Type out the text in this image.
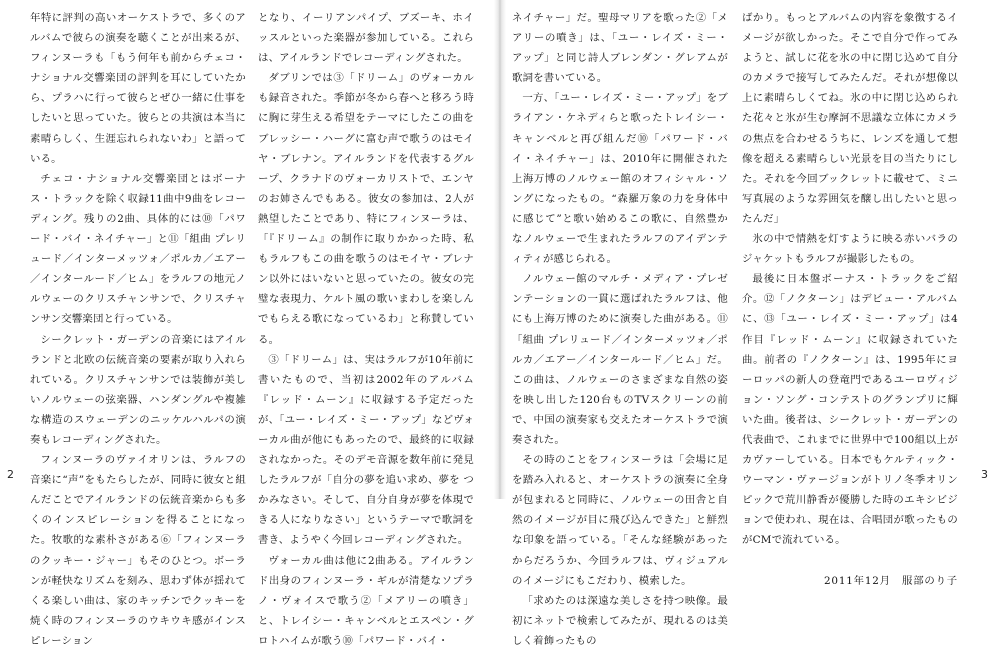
年特に評判の高いオーケストラで、多くのアルバムで彼らの演奏を聴くことが出来るが、フィンヌーラも「もう何年も前からチェコ・ナショナル交響楽団の評判を耳にしていたから、プラハに行って彼らとぜひ一緒に仕事をしたいと思っていた。彼らとの共演は本当に素晴らしく、生涯忘れられないわ」と語っている。

チェコ・ナショナル交響楽団とはボーナス・トラックを除く収録11曲中9曲をレコーディング。残りの2曲、具体的には⑩「パワード・バイ・ネイチャー」と⑪「組曲 プレリュード／インターメッツォ／ポルカ／エアー／インタールード／ヒム」をラルフの地元ノルウェーのクリスチャンサンで、クリスチャンサン交響楽団と行っている。

シークレット・ガーデンの音楽にはアイルランドと北欧の伝統音楽の要素が取り入れられている。クリスチャンサンでは装飾が美しいノルウェーの弦楽器、ハンダングルや複雑な構造のスウェーデンのニッケルハルパの演奏もレコーディングされた。

フィンヌーラのヴァイオリンは、ラルフの音楽に“声”をもたらしたが、同時に彼女と組んだことでアイルランドの伝統音楽からも多くのインスピレーションを得ることになった。牧歌的な素朴さがある⑥「フィンヌーラのクッキー・ジャー」もそのひとつ。ボーランが軽快なリズムを刻み、思わず体が揺れてくる楽しい曲は、家のキッチンでクッキーを焼く時のフィンヌーラのウキウキ感がインスピレーション

となり、イーリアンパイプ、ブズーキ、ホイッスルといった楽器が参加している。これらは、アイルランドでレコーディングされた。

ダブリンでは③「ドリーム」のヴォーカルも録音された。季節が冬から春へと移ろう時に胸に芽生える希望をテーマにしたこの曲をブレッシー・ハーグに富む声で歌うのはモイヤ・ブレナン。アイルランドを代表するグループ、クラナドのヴォーカリストで、エンヤのお姉さんでもある。彼女の参加は、2人が熱望したことであり、特にフィンヌーラは、「『ドリーム』の制作に取りかかった時、私もラルフもこの曲を歌うのはモイヤ・ブレナン以外にはいないと思っていたの。彼女の完璧な表現力、ケルト風の歌いまわしを楽しんでもらえる歌になっているわ」と称賛している。

③「ドリーム」は、実はラルフが10年前に書いたもので、当初は2002年のアルバム『レッド・ムーン』に収録する予定だったが、「ユー・レイズ・ミー・アップ」などヴォーカル曲が他にもあったので、最終的に収録されなかった。そのデモ音源を数年前に発見したラルフが「自分の夢を追い求め、夢を つかみなさい。そして、自分自身が夢を体現できる人になりなさい」というテーマで歌詞を書き、ようやく今回レコーディングされた。

ヴォーカル曲は他に2曲ある。アイルランド出身のフィンヌーラ・ギルが清楚なソプラノ・ヴォイスで歌う②「メアリーの噴き」と、トレイシー・キャンベルとエスペン・グロトハイムが歌う⑩「パワード・バイ・

2

ネイチャー」だ。聖母マリアを歌った②「メアリーの噴き」は、「ユー・レイズ・ミー・アップ」と同じ詩人ブレンダン・グレアムが歌詞を書いている。

一方、「ユー・レイズ・ミー・アップ」をブライアン・ケネディらと歌ったトレイシー・キャンベルと再び組んだ⑩「パワード・バイ・ネイチャー」は、2010年に開催された上海万博のノルウェー館のオフィシャル・ソングになったもの。“森羅万象の力を身体中に感じて”と歌い始めるこの歌に、自然豊かなノルウェーで生まれたラルフのアイデンティティが感じられる。

ノルウェー館のマルチ・メディア・プレゼンテーションの一貫に選ばれたラルフは、他にも上海万博のために演奏した曲がある。⑪「組曲 プレリュード／インターメッツォ／ポルカ／エアー／インタールード／ヒム」だ。この曲は、ノルウェーのさまざまな自然の姿を映し出した120台ものTVスクリーンの前で、中国の演奏家も交えたオーケストラで演奏された。

その時のことをフィンヌーラは「会場に足を踏み入れると、オーケストラの演奏に全身が包まれると同時に、ノルウェーの田舎と自然のイメージが目に飛び込んできた」と鮮烈な印象を語っている。「そんな経験があったからだろうか、今回ラルフは、ヴィジュアルのイメージにもこだわり、模索した。

「求めたのは深遠な美しさを持つ映像。最初にネットで検索してみたが、現れるのは美しく着飾ったもの

ばかり。もっとアルバムの内容を象徴するイメージが欲しかった。そこで自分で作ってみようと、試しに花を氷の中に閉じ込めて自分のカメラで接写してみたんだ。それが想像以上に素晴らしくてね。氷の中に閉じ込められた花々と氷が生む摩訶不思議な立体にカメラの焦点を合わせるうちに、レンズを通して想像を超える素晴らしい光景を目の当たりにした。それを今回ブックレットに載せて、ミニ写真展のような雰囲気を醸し出したいと思ったんだ」

氷の中で情熱を灯すように映る赤いバラのジャケットもラルフが撮影したもの。

最後に日本盤ボーナス・トラックをご紹介。⑫「ノクターン」はデビュー・アルバムに、⑬「ユー・レイズ・ミー・アップ」は4作目『レッド・ムーン』に収録されていた曲。前者の『ノクターン』は、1995年にヨーロッパの新人の登竜門であるユーロヴィジョン・ソング・コンテストのグランプリに輝いた曲。後者は、シークレット・ガーデンの代表曲で、これまでに世界中で100組以上がカヴァーしている。日本でもケルティック・ウーマン・ヴァージョンがトリノ冬季オリンピックで荒川静香が優勝した時のエキシビジョンで使われ、現在は、合唱団が歌ったものがCMで流れている。

2011年12月　服部のり子

3
